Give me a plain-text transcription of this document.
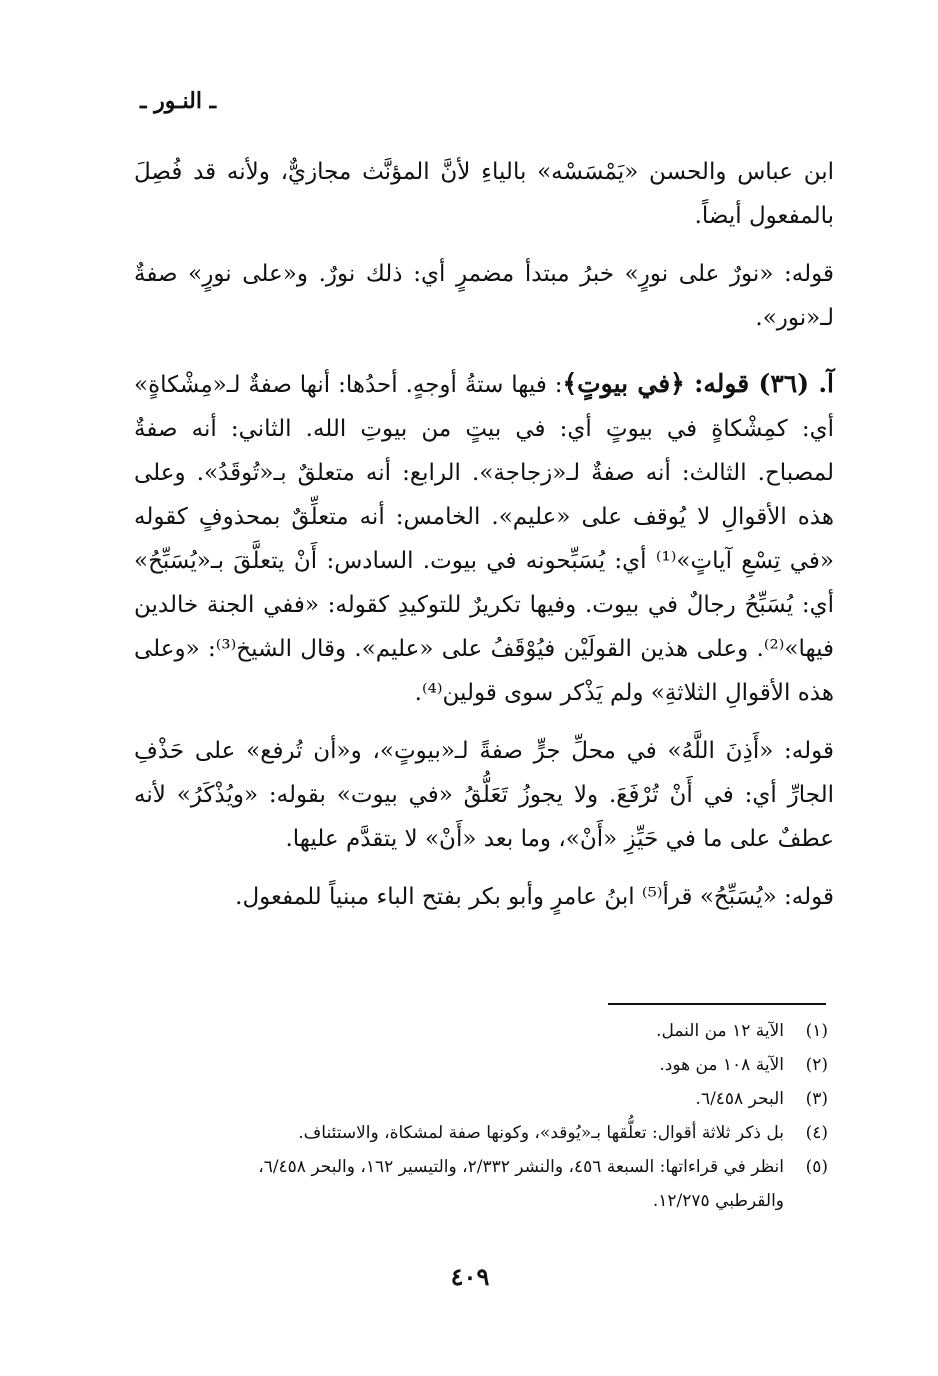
ـ النـور ـ

ابن عباس والحسن «يَمْسَسْه» بالياءِ لأنَّ المؤنَّث مجازيٌّ، ولأنه قد فُصِلَ بالمفعول أيضاً.

قوله: «نورٌ على نورٍ» خبرُ مبتدأ مضمرٍ أي: ذلك نورٌ. و«على نورٍ» صفةٌ لـ«نور».

آ. (٣٦) قوله: ﴿في بيوتٍ﴾: فيها ستةُ أوجهٍ. أحدُها: أنها صفةٌ لـ«مِشْكاةٍ» أي: كمِشْكاةٍ في بيوتٍ أي: في بيتٍ من بيوتِ الله. الثاني: أنه صفةٌ لمصباح. الثالث: أنه صفةٌ لـ«زجاجة». الرابع: أنه متعلقٌ بـ«تُوقَدُ». وعلى هذه الأقوالِ لا يُوقف على «عليم». الخامس: أنه متعلِّقٌ بمحذوفٍ كقوله «في تِسْعِ آياتٍ»⁽¹⁾ أي: يُسَبِّحونه في بيوت. السادس: أَنْ يتعلَّقَ بـ«يُسَبِّحُ» أي: يُسَبِّحُ رجالٌ في بيوت. وفيها تكريرٌ للتوكيدِ كقوله: «ففي الجنة خالدين فيها»⁽²⁾. وعلى هذين القولَيْن فيُوْقَفُ على «عليم». وقال الشيخ⁽³⁾: «وعلى هذه الأقوالِ الثلاثةِ» ولم يَذْكر سوى قولين⁽⁴⁾.

قوله: «أَذِنَ اللَّهُ» في محلِّ جرٍّ صفةً لـ«بيوتٍ»، و«أن تُرفع» على حَذْفِ الجارِّ أي: في أَنْ تُرْفَعَ. ولا يجوزُ تَعَلُّقُ «في بيوت» بقوله: «ويُذْكَرُ» لأنه عطفٌ على ما في حَيِّزِ «أَنْ»، وما بعد «أَنْ» لا يتقدَّم عليها.

قوله: «يُسَبِّحُ» قرأ⁽⁵⁾ ابنُ عامرٍ وأبو بكر بفتح الباء مبنياً للمفعول.

(١)
الآية ١٢ من النمل.
(٢)
الآية ١٠٨ من هود.
(٣)
البحر ٦/٤٥٨.
(٤)
بل ذكر ثلاثة أقوال: تعلُّقها بـ«يُوقد»، وكونها صفة لمشكاة، والاستئناف.
(٥)
انظر في قراءاتها: السبعة ٤٥٦، والنشر ٢/٣٣٢، والتيسير ١٦٢، والبحر ٦/٤٥٨، والقرطبي ١٢/٢٧٥.
٤٠٩
